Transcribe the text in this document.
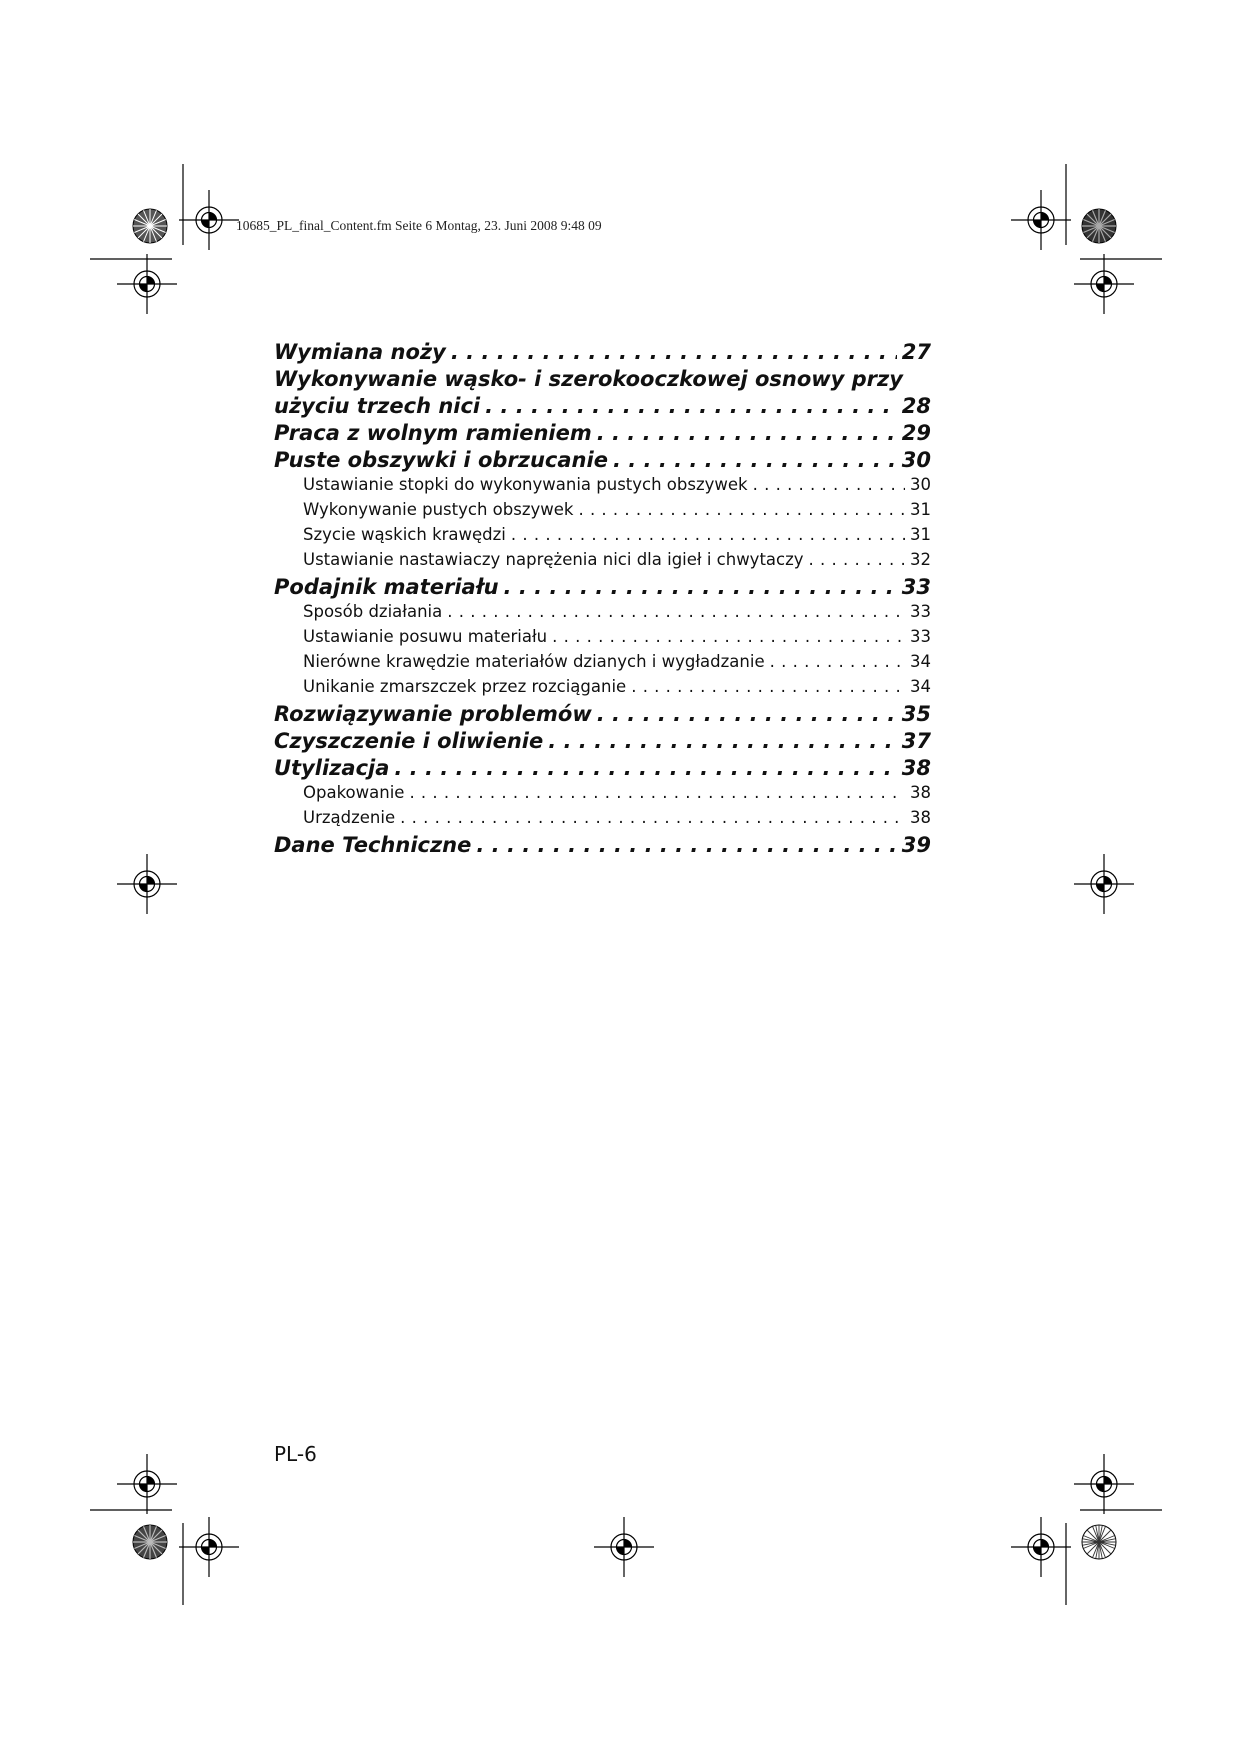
10685_PL_final_Content.fm Seite 6 Montag, 23. Juni 2008 9:48 09
Wymiana noży . . .	27
Wykonywanie wąsko- i szerokooczkowej osnowy przy
użyciu trzech nici . . .	28
Praca z wolnym ramieniem . . .	29
Puste obszywki i obrzucanie . . .	30
Ustawianie stopki do wykonywania pustych obszywek . . .	30
Wykonywanie pustych obszywek . . .	31
Szycie wąskich krawędzi . . .	31
Ustawianie nastawiaczy naprężenia nici dla igieł i chwytaczy . . .	32
Podajnik materiału . . .	33
Sposób działania . . .	33
Ustawianie posuwu materiału . . .	33
Nierówne krawędzie materiałów dzianych i wygładzanie . . .	34
Unikanie zmarszczek przez rozciąganie . . .	34
Rozwiązywanie problemów . . .	35
Czyszczenie i oliwienie . . .	37
Utylizacja . . .	38
Opakowanie . . .	38
Urządzenie . . .	38
Dane Techniczne . . .	39
PL-6
